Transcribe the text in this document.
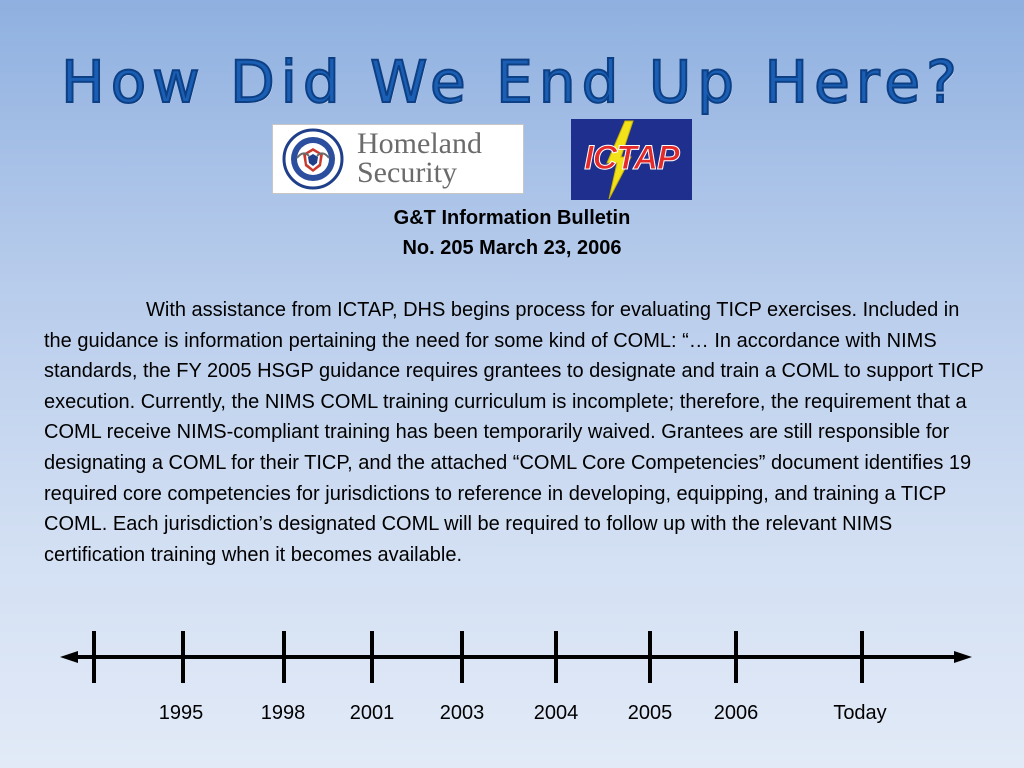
How Did We End Up Here?
Homeland
Security	ICTAP
G&T Information Bulletin
No. 205 March 23, 2006
With assistance from ICTAP, DHS begins process for evaluating TICP exercises. Included in the guidance is information pertaining the need for some kind of COML: “… In accordance with NIMS standards, the FY 2005 HSGP guidance requires grantees to designate and train a COML to support TICP execution. Currently, the NIMS COML training curriculum is incomplete; therefore, the requirement that a COML receive NIMS-compliant training has been temporarily waived. Grantees are still responsible for designating a COML for their TICP, and the attached “COML Core Competencies” document identifies 19 required core competencies for jurisdictions to reference in developing, equipping, and training a TICP COML. Each jurisdiction’s designated COML will be required to follow up with the relevant NIMS certification training when it becomes available.
1995	1998 2001 2003 2004 2005 2006	Today
